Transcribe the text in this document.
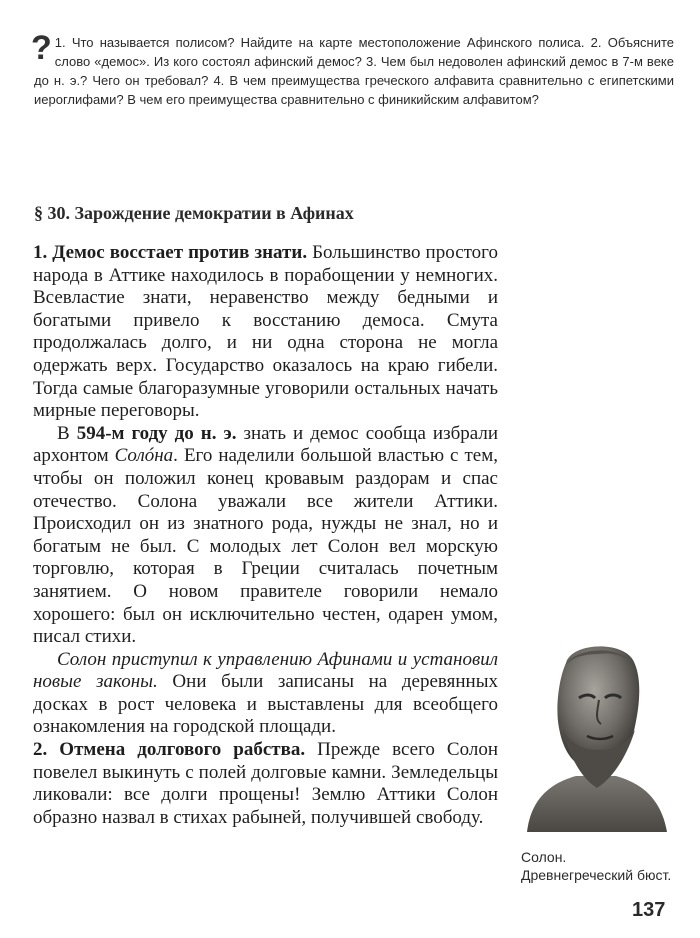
? 1. Что называется полисом? Найдите на карте местоположение Афинского полиса. 2. Объясните слово «демос». Из кого состоял афинский демос? 3. Чем был недоволен афинский демос в 7-м веке до н. э.? Чего он требовал? 4. В чем преимущества греческого алфавита сравнительно с египетскими иероглифами? В чем его преимущества сравнительно с финикийским алфавитом?
§ 30. Зарождение демократии в Афинах

1. Демос восстает против знати. Большинство простого народа в Аттике находилось в порабощении у немногих. Всевластие знати, неравенство между бедными и богатыми привело к восстанию демоса. Смута продолжалась долго, и ни одна сторона не могла одержать верх. Государство оказалось на краю гибели. Тогда самые благоразумные уговорили остальных начать мирные переговоры.

В 594-м году до н. э. знать и демос сообща избрали архонтом Солóна. Его наделили большой властью с тем, чтобы он положил конец кровавым раздорам и спас отечество. Солона уважали все жители Аттики. Происходил он из знатного рода, нужды не знал, но и богатым не был. С молодых лет Солон вел морскую торговлю, которая в Греции считалась почетным занятием. О новом правителе говорили немало хорошего: был он исключительно честен, одарен умом, писал стихи.

Солон приступил к управлению Афинами и установил новые законы. Они были записаны на деревянных досках в рост человека и выставлены для всеобщего ознакомления на городской площади.

2. Отмена долгового рабства. Прежде всего Солон повелел выкинуть с полей долговые камни. Земледельцы ликовали: все долги прощены! Землю Аттики Солон образно назвал в стихах рабыней, получившей свободу.

Солон. Древнегреческий бюст.
137
